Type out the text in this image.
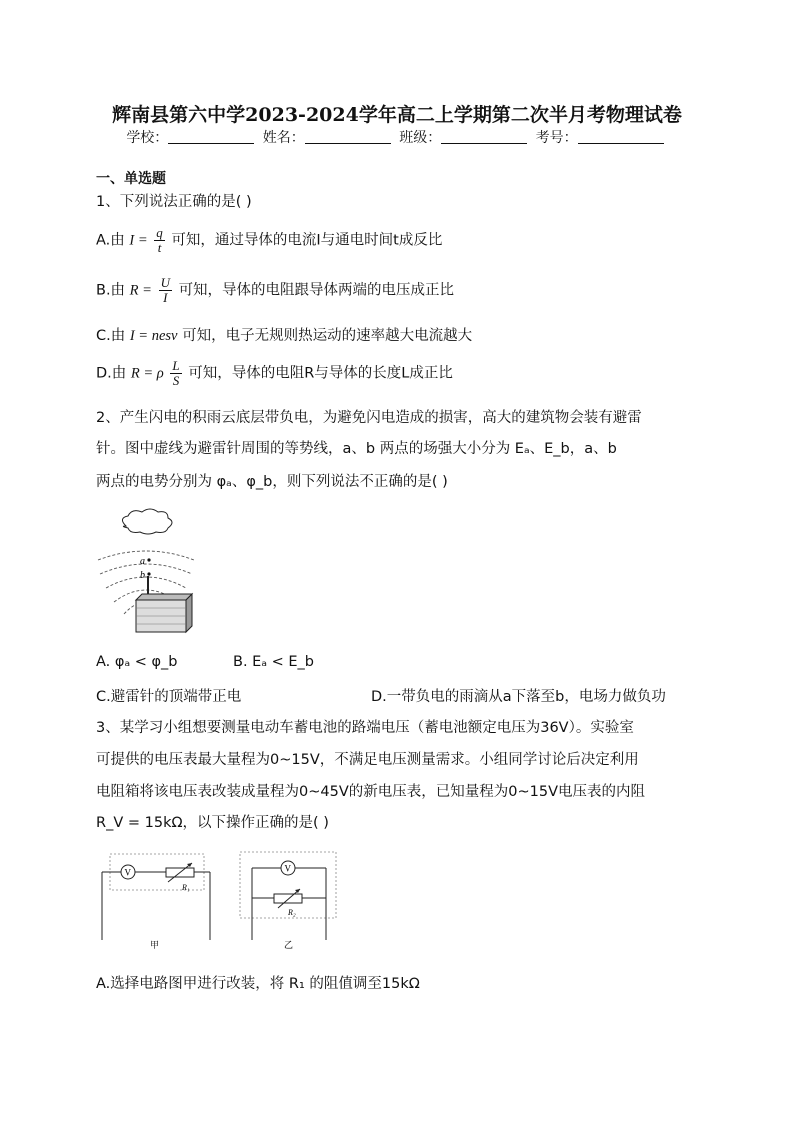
辉南县第六中学2023-2024学年高二上学期第二次半月考物理试卷
学校：	姓名：	班级：	考号：
一、单选题
1、下列说法正确的是( )
A.由 $I = \frac{q}{t}$ 可知，通过导体的电流I与通电时间t成反比
B.由 $R = \frac{U}{I}$ 可知，导体的电阻跟导体两端的电压成正比
C.由 I = nesv 可知，电子无规则热运动的速率越大电流越大
D.由 R = ρ $\frac{L}{S}$ 可知，导体的电阻R与导体的长度L成正比
2、产生闪电的积雨云底层带负电，为避免闪电造成的损害，高大的建筑物会装有避雷
针。图中虚线为避雷针周围的等势线，a、b 两点的场强大小分为 Eₐ、E_b，a、b
两点的电势分别为 φₐ、φ_b，则下列说法不正确的是( )
a
b
A. φₐ < φ_b	B. Eₐ < E_b
C.避雷针的顶端带正电	D.一带负电的雨滴从a下落至b，电场力做负功
3、某学习小组想要测量电动车蓄电池的路端电压（蓄电池额定电压为36V）。实验室
可提供的电压表最大量程为0~15V，不满足电压测量需求。小组同学讨论后决定利用
电阻箱将该电压表改装成量程为0~45V的新电压表，已知量程为0~15V电压表的内阻
R_V = 15kΩ，以下操作正确的是( )
V
R₁
甲
V
R₂
乙
A.选择电路图甲进行改装，将 R₁ 的阻值调至15kΩ
